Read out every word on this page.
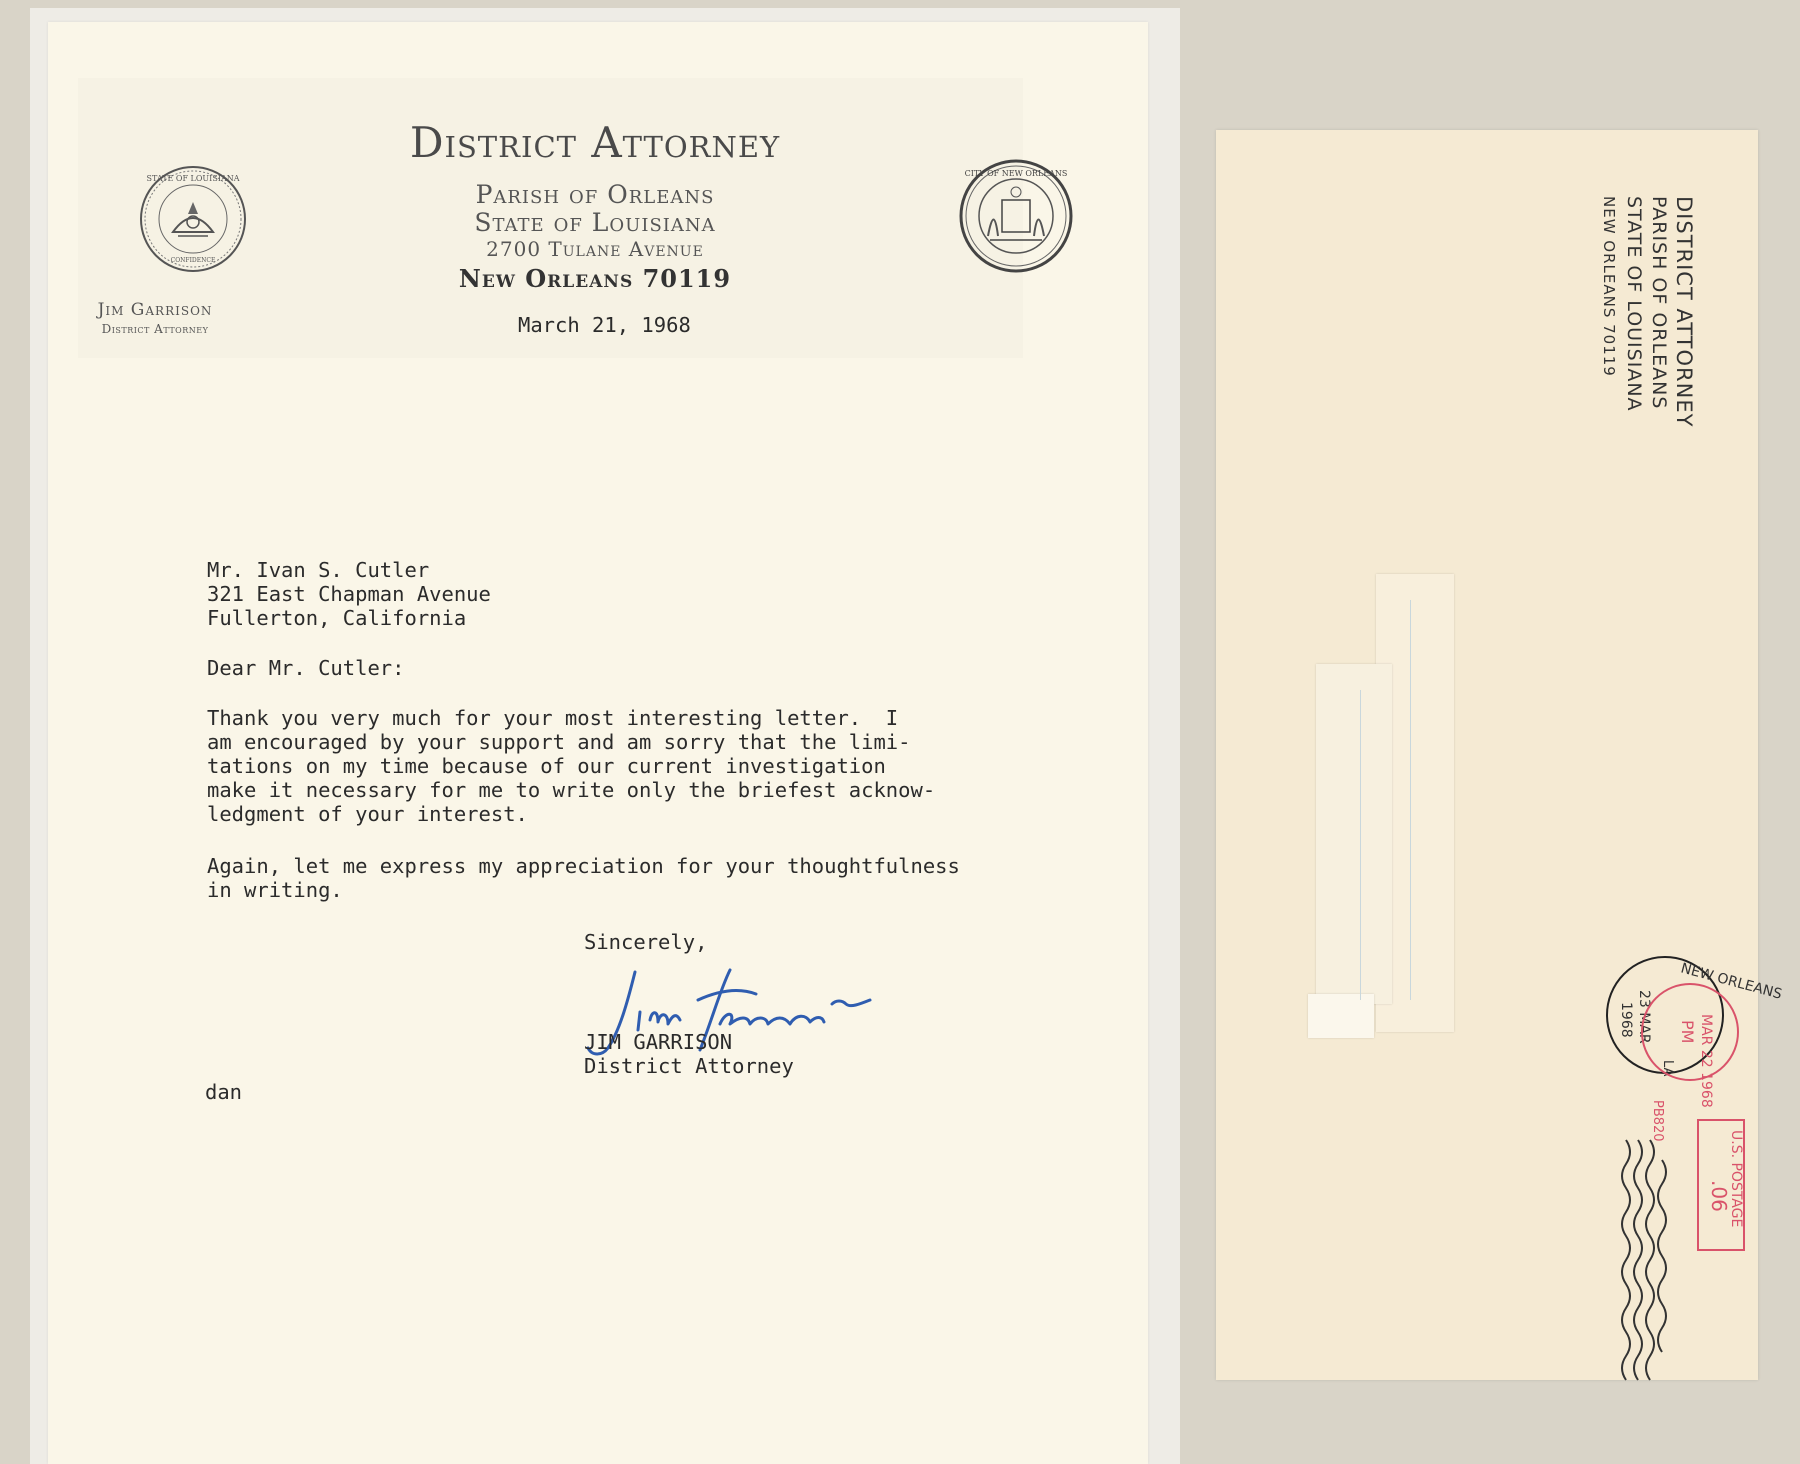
STATE OF LOUISIANA
CONFIDENCE
CITY OF NEW ORLEANS
District Attorney
Parish of Orleans
State of Louisiana
2700 Tulane Avenue
New Orleans 70119
Jim Garrison
District Attorney	March 21, 1968
Mr. Ivan S. Cutler
321 East Chapman Avenue
Fullerton, California
Dear Mr. Cutler:
Thank you very much for your most interesting letter.  I
am encouraged by your support and am sorry that the limi-
tations on my time because of our current investigation
make it necessary for me to write only the briefest acknow-
ledgment of your interest.
Again, let me express my appreciation for your thoughtfulness
in writing.
Sincerely,
JIM GARRISON
District Attorney
dan
DISTRICT ATTORNEY
PARISH OF ORLEANS
STATE OF LOUISIANA
NEW ORLEANS 70119
NEW ORLEANS
23 MAR
1968
LA MAR 22 1968
PM
PB820
U.S. POSTAGE
.06
